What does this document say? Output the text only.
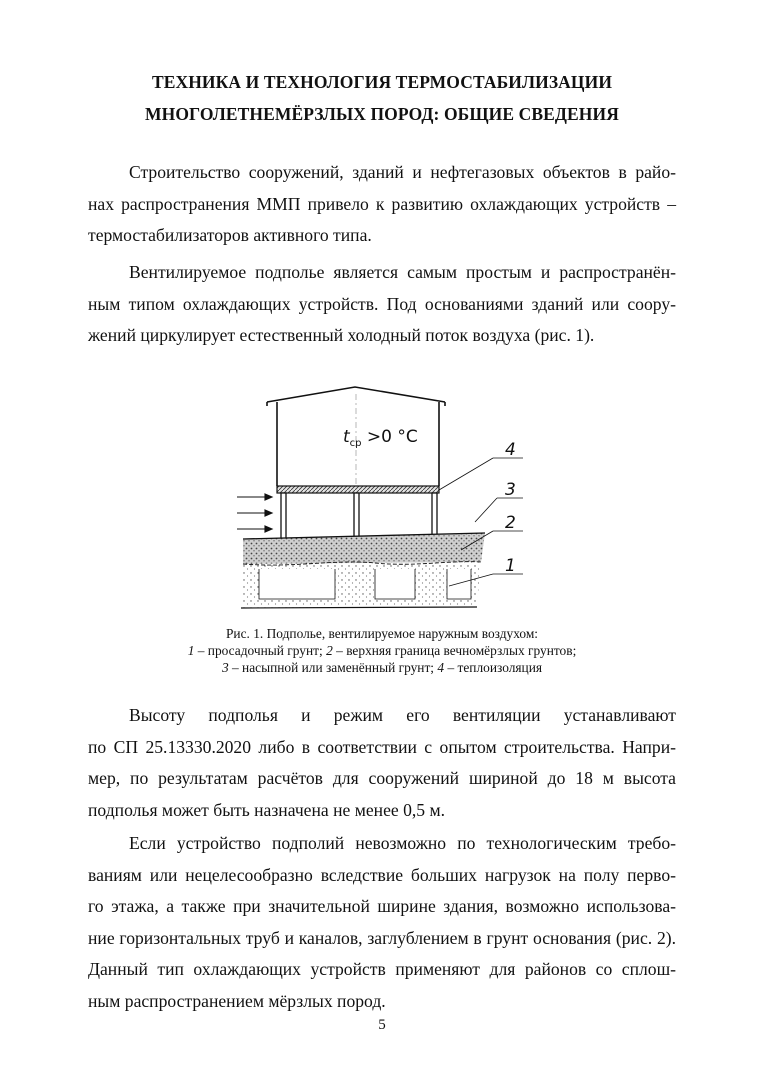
ТЕХНИКА И ТЕХНОЛОГИЯ ТЕРМОСТАБИЛИЗАЦИИ
МНОГОЛЕТНЕМЁРЗЛЫХ ПОРОД: ОБЩИЕ СВЕДЕНИЯ
Строительство сооружений, зданий и нефтегазовых объектов в райо-
нах распространения ММП привело к развитию охлаждающих устройств –
термостабилизаторов активного типа.
Вентилируемое подполье является самым простым и распространён-
ным типом охлаждающих устройств. Под основаниями зданий или соору-
жений циркулирует естественный холодный поток воздуха (рис. 1).
$t_{ср} >0$ °C
4
3
2
1
Рис. 1. Подполье, вентилируемое наружным воздухом:
1 – просадочный грунт; 2 – верхняя граница вечномёрзлых грунтов;
3 – насыпной или заменённый грунт; 4 – теплоизоляция
Высоту подполья и режим его вентиляции устанавливают
по СП 25.13330.2020 либо в соответствии с опытом строительства. Напри-
мер, по результатам расчётов для сооружений шириной до 18 м высота
подполья может быть назначена не менее 0,5 м.
Если устройство подполий невозможно по технологическим требо-
ваниям или нецелесообразно вследствие больших нагрузок на полу перво-
го этажа, а также при значительной ширине здания, возможно использова-
ние горизонтальных труб и каналов, заглублением в грунт основания (рис. 2).
Данный тип охлаждающих устройств применяют для районов со сплош-
ным распространением мёрзлых пород.
5
